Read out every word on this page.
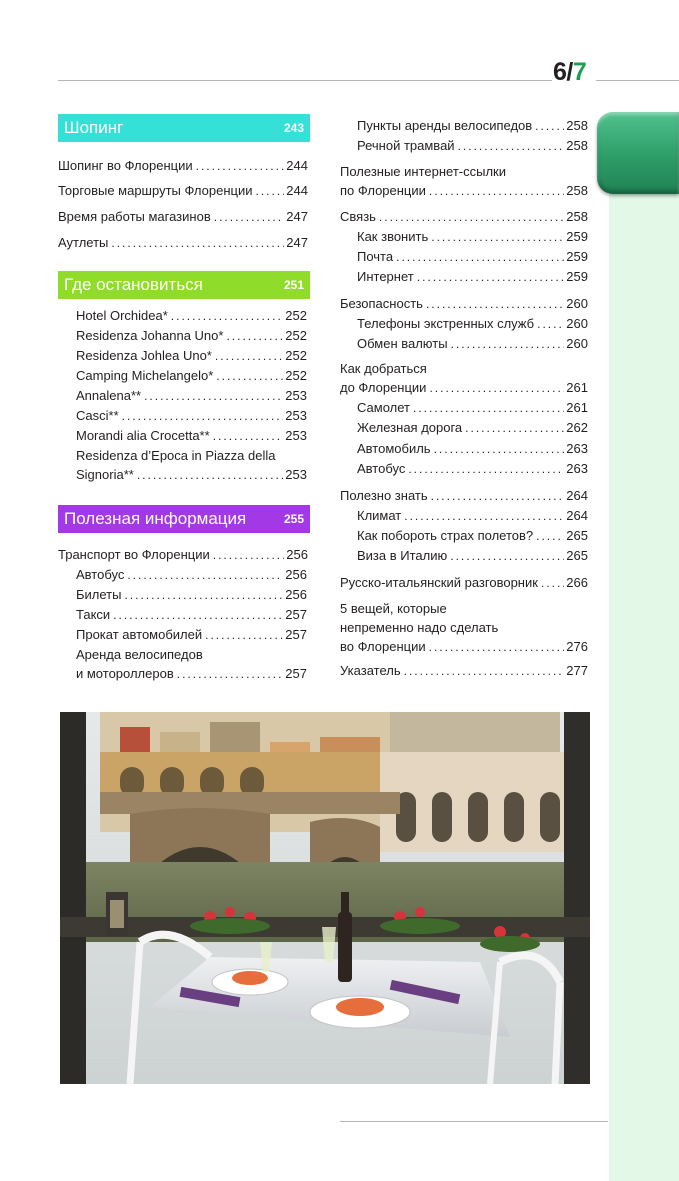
6/7
Шопинг	243
Шопинг во Флоренции .....	244
Торговые маршруты Флоренции .....	244
Время работы магазинов .....	247
Аутлеты .....	247
Где остановиться	251
Hotel Orchidea* .....	252
Residenza Johanna Uno* .....	252
Residenza Johlea Uno* .....	252
Camping Michelangelo* .....	252
Annalena** .....	253
Casci** .....	253
Morandi alia Crocetta** .....	253
Residenza d’Epoca in Piazza della
Signoria** .....	253
Полезная информация	255
Транспорт во Флоренции .....	256
Автобус .....	256
Билеты .....	256
Такси .....	257
Прокат автомобилей .....	257
Аренда велосипедов
и мотороллеров .....	257
Пункты аренды велосипедов .....	258
Речной трамвай .....	258
Полезные интернет-ссылки
по Флоренции .....	258
Связь .....	258
Как звонить .....	259
Почта .....	259
Интернет .....	259
Безопасность .....	260
Телефоны экстренных служб ..... 260
Обмен валюты .....	260
Как добраться
до Флоренции .....	261
Самолет .....	261
Железная дорога .....	262
Автомобиль .....	263
Автобус .....	263
Полезно знать .....	264
Климат .....	264
Как побороть страх полетов? .....	265
Виза в Италию .....	265
Русско-итальянский разговорник ..... 266
5 вещей, которые
непременно надо сделать
во Флоренции .....	276
Указатель .....	277
